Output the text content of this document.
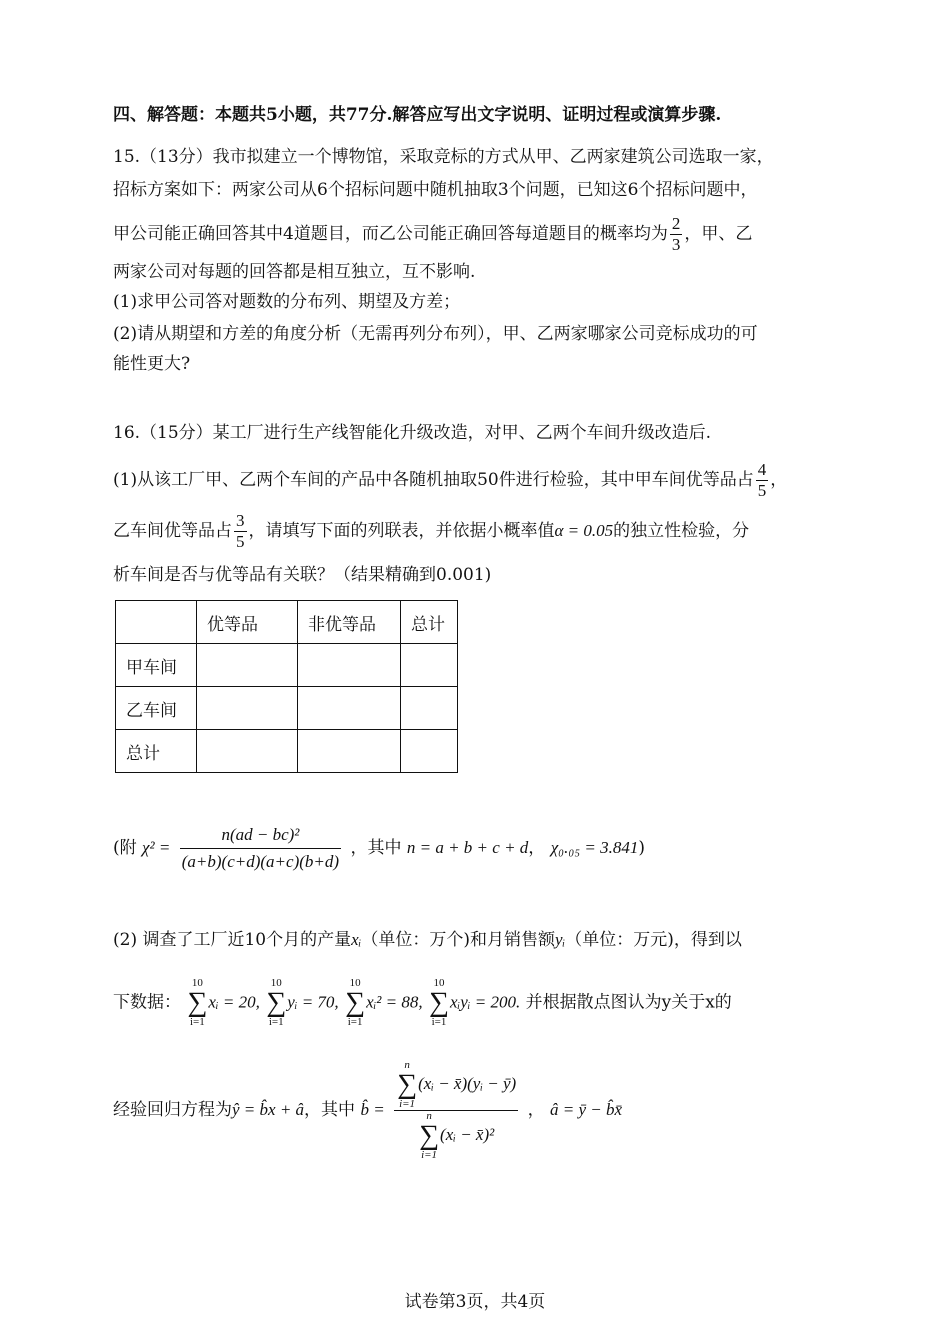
四、解答题：本题共5小题，共77分.解答应写出文字说明、证明过程或演算步骤.
15.（13分）我市拟建立一个博物馆，采取竞标的方式从甲、乙两家建筑公司选取一家，
招标方案如下：两家公司从6个招标问题中随机抽取3个问题，已知这6个招标问题中，
甲公司能正确回答其中4道题目，而乙公司能正确回答每道题目的概率均为 $\frac{2}{3}$ ，甲、乙
两家公司对每题的回答都是相互独立，互不影响.
(1)求甲公司答对题数的分布列、期望及方差；
(2)请从期望和方差的角度分析（无需再列分布列），甲、乙两家哪家公司竞标成功的可
能性更大?
16.（15分）某工厂进行生产线智能化升级改造，对甲、乙两个车间升级改造后.
(1)从该工厂甲、乙两个车间的产品中各随机抽取50件进行检验，其中甲车间优等品占 $\frac{4}{5}$ ，
乙车间优等品占 $\frac{3}{5}$ ，请填写下面的列联表，并依据小概率值α = 0.05的独立性检验，分
析车间是否与优等品有关联？（结果精确到0.001)
	优等品	非优等品	总计
甲车间			
乙车间			
总计			
(附 $\chi^2 = \frac{\text{n(ad − bc)²}}{(a+b)(c+d)(a+c)(b+d)}$ ，其中 n = a + b + c + d， χ₀.₀₅ = 3.841)
(2) 调查了工厂近10个月的产量xᵢ（单位：万个)和月销售额yᵢ（单位：万元)，得到以
下数据：
10
∑
i=1
xᵢ = 20,
10
∑
i=1
yᵢ = 70,
10
∑
i=1
xᵢ² = 88,
10
∑
i=1
xᵢyᵢ = 200. 并根据散点图认为y关于x的
经验回归方程为ŷ = b̂x + â，其中 b̂ = n
∑
i=1
(xᵢ − x̄)(yᵢ − ȳ)
n
∑
i=1
(xᵢ − x̄)² ， â = ȳ − b̂x̄
试卷第3页，共4页
